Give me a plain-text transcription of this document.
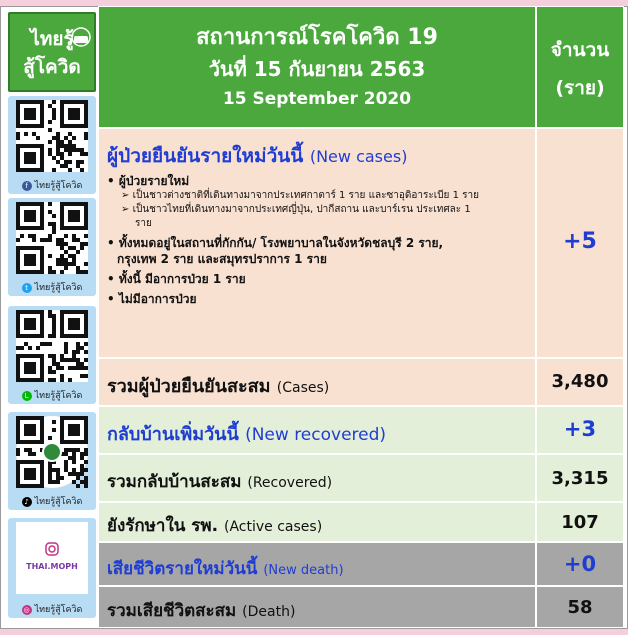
ไทยรู้
สู้โควิด
f ไทยรู้สู้โควิด
t ไทยรู้สู้โควิด
L ไทยรู้สู้โควิด
♪ ไทยรู้สู้โควิด
THAI.MOPH
◎ ไทยรู้สู้โควิด
สถานการณ์โรคโควิด 19
วันที่ 15 กันยายน 2563
15 September 2020
จำนวน
(ราย)
ผู้ป่วยยืนยันรายใหม่วันนี้ (New cases)

• ผู้ป่วยรายใหม่

➢ เป็นชาวต่างชาติที่เดินทางมาจากประเทศกาตาร์ 1 ราย และซาอุดิอาระเบีย 1 ราย
➢ เป็นชาวไทยที่เดินทางมาจากประเทศญี่ปุ่น, ปากีสถาน และบาร์เรน ประเทศละ 1
ราย

• ทั้งหมดอยู่ในสถานที่กักกัน/ โรงพยาบาลในจังหวัดชลบุรี 2 ราย,

กรุงเทพ 2 ราย และสมุทรปราการ 1 ราย

• ทั้งนี้ มีอาการป่วย 1 ราย

• ไม่มีอาการป่วย

+5
รวมผู้ป่วยยืนยันสะสม (Cases)	3,480
กลับบ้านเพิ่มวันนี้ (New recovered)	+3
รวมกลับบ้านสะสม (Recovered)	3,315
ยังรักษาใน รพ. (Active cases)	107
เสียชีวิตรายใหม่วันนี้ (New death)	+0
รวมเสียชีวิตสะสม (Death)	58
